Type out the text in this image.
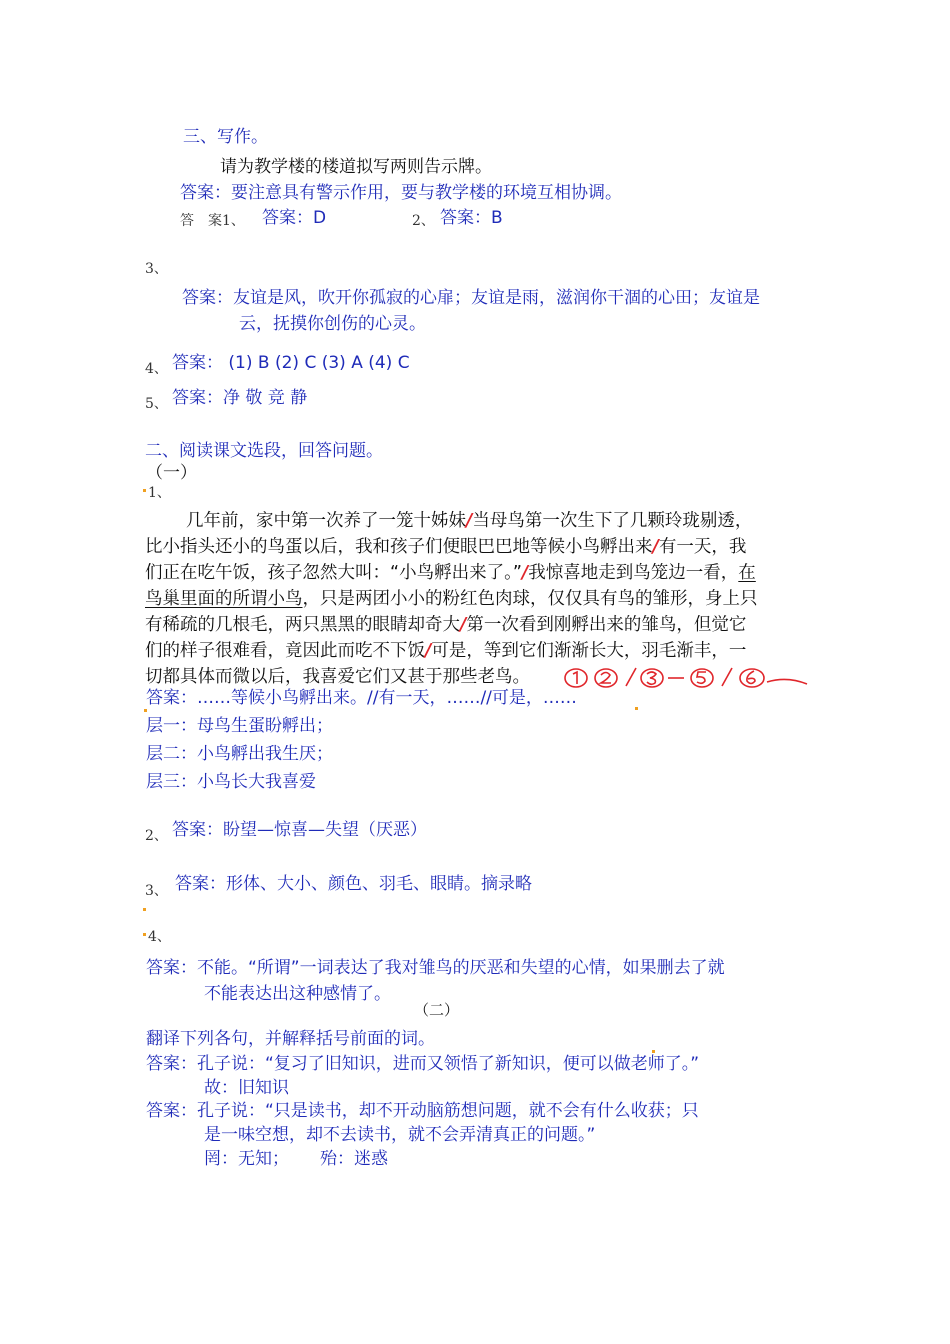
三、写作。
请为教学楼的楼道拟写两则告示牌。
答案：要注意具有警示作用，要与教学楼的环境互相协调。
答　案1、 答案：D	2、 答案：B
3、
答案：友谊是风，吹开你孤寂的心扉；友谊是雨，滋润你干涸的心田；友谊是
云，抚摸你创伤的心灵。
4、 答案： (1) B (2) C (3) A (4) C
5、 答案：净 敬 竞 静
二、阅读课文选段，回答问题。
（一）
1、
几年前，家中第一次养了一笼十姊妹/当母鸟第一次生下了几颗玲珑剔透，
比小指头还小的鸟蛋以后，我和孩子们便眼巴巴地等候小鸟孵出来/有一天，我
们正在吃午饭，孩子忽然大叫：“小鸟孵出来了。”/我惊喜地走到鸟笼边一看，在
鸟巢里面的所谓小鸟，只是两团小小的粉红色肉球，仅仅具有鸟的雏形，身上只
有稀疏的几根毛，两只黑黑的眼睛却奇大/第一次看到刚孵出来的雏鸟，但觉它
们的样子很难看，竟因此而吃不下饭/可是，等到它们渐渐长大，羽毛渐丰，一
切都具体而微以后，我喜爱它们又甚于那些老鸟。
答案：……等候小鸟孵出来。//有一天，……//可是，……
层一：母鸟生蛋盼孵出；
层二：小鸟孵出我生厌；
层三：小鸟长大我喜爱
2、 答案：盼望—惊喜—失望（厌恶）
3、 答案：形体、大小、颜色、羽毛、眼睛。摘录略
4、
答案：不能。“所谓”一词表达了我对雏鸟的厌恶和失望的心情，如果删去了就
不能表达出这种感情了。
（二）
翻译下列各句，并解释括号前面的词。
答案：孔子说：“复习了旧知识，进而又领悟了新知识，便可以做老师了。”
故：旧知识
答案：孔子说：“只是读书，却不开动脑筋想问题，就不会有什么收获；只
是一味空想，却不去读书，就不会弄清真正的问题。”
罔：无知； 殆：迷惑
